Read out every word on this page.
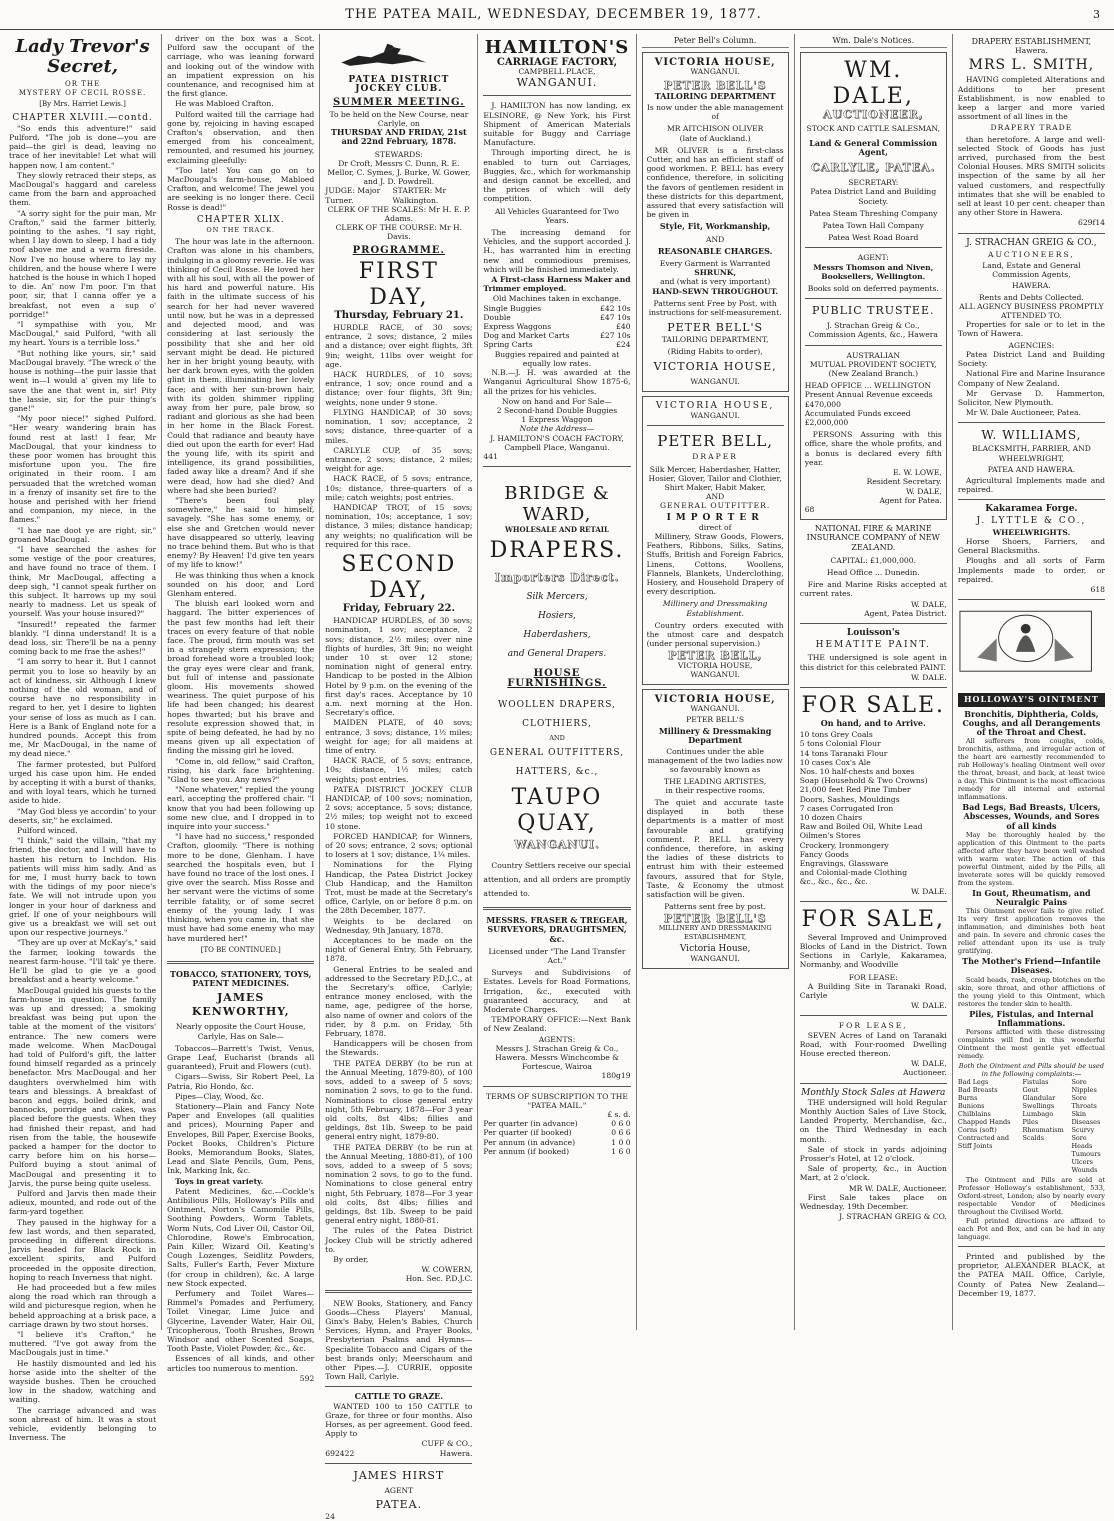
THE PATEA MAIL, WEDNESDAY, DECEMBER 19, 1877.	3
Lady Trevor's Secret,
OR THE
MYSTERY OF CECIL ROSSE.
[By Mrs. Harriet Lewis.]
CHAPTER XLVIII.—contd.

"So ends this adventure!" said Pulford. "The job is done—you are paid—the girl is dead, leaving no trace of her inevitable! Let what will happen now, I am content."

They slowly retraced their steps, as MacDougal's haggard and careless came from the barn and approached them.

"A sorry sight for the puir man, Mr Crafton," said the farmer bitterly, pointing to the ashes. "I say right, when I lay down to sleep, I had a tidy roof above me and a warm fireside. Now I've no house where to lay my children, and the house where I were hatched is the house in which I hoped to die. An' now I'm poor. I'm that poor, sir, that I canna offer ye a breakfast, not even a sup o' porridge!"

"I sympathise with you, Mr MacDougal," said Pulford, "with all my heart. Yours is a terrible loss."

"But nothing like yours, sir," said MacDougal bravely. "The wreck o' the house is nothing—the puir lassie that went in—I would a' given my life to save the ane that went in, sir! Pity the lassie, sir, for the puir thing's gane!"

"My poor niece!" sighed Pulford. "Her weary wandering brain has found rest at last! I fear, Mr MacDougal, that your kindness to these poor women has brought this misfortune upon you. The fire originated in their room. I am persuaded that the wretched woman in a frenzy of insanity set fire to the house and perished with her friend and companion, my niece, in the flames."

"I hae nae doot ye are right, sir," groaned MacDougal.

"I have searched the ashes for some vestige of the poor creatures, and have found no trace of them. I think, Mr MacDougal, affecting a deep sigh, "I cannot speak further on this subject. It harrows up my soul nearly to madness. Let us speak of yourself. Was your house insured?"

"Insured!" repeated the farmer blankly. "I dinna understand! It is a dead loss, sir. There'll be na a penny coming back to me frae the ashes!"

"I am sorry to hear it. But I cannot permit you to lose so heavily by an act of kindness, sir. Although I knew nothing of the old woman, and of course have no responsibility in regard to her, yet I desire to lighten your sense of loss as much as I can. Here is a Bank of England note for a hundred pounds. Accept this from me, Mr MacDougal, in the name of my dead niece."

The farmer protested, but Pulford urged his case upon him. He ended by accepting it with a burst of thanks, and with loyal tears, which he turned aside to hide.

"May God bless ye accordin' to your deserts, sir," he exclaimed.

Pulford winced.

"I think," said the villain, "that my friend, the doctor, and I will have to hasten his return to Inchdon. His patients will miss him sadly. And as for me, I must hurry back to town with the tidings of my poor niece's fate. We will not intrude upon you longer in your hour of darkness and grief. If one of your neighbours will give us a breakfast we will set out upon our respective journeys."

"They are up over at McKay's," said the farmer, looking towards the nearest farm-house. "I'll tak' ye there. He'll be glad to gie ye a good breakfast and a hearty welcome."

MacDougal guided his guests to the farm-house in question. The family was up and dressed; a smoking breakfast was being put upon the table at the moment of the visitors' entrance. The new comers were made welcome. When MacDougal had told of Pulford's gift, the latter found himself regarded as a princely benefactor. Mrs MacDougal and her daughters overwhelmed him with tears and blessings. A breakfast of bacon and eggs, boiled drink, and bannocks, porridge and cakes, was placed before the guests. When they had finished their repast, and had risen from the table, the housewife packed a hamper for the doctor to carry before him on his horse—Pulford buying a stout animal of MacDougal and presenting it to Jarvis, the purse being quite useless.

Pulford and Jarvis then made their adieux, mounted, and rode out of the farm-yard together.

They paused in the highway for a few last words, and then separated, proceeding in different directions. Jarvis headed for Black Rock in excellent spirits, and Pulford proceeded in the opposite direction, hoping to reach Inverness that night.

He had proceeded but a few miles along the road which ran through a wild and picturesque region, when he beheld approaching at a brisk pace, a carriage drawn by two stout horses.

"I believe it's Crafton," he muttered. "I've got away from the MacDougals just in time."

He hastily dismounted and led his horse aside into the shelter of the wayside bushes. Then he crouched low in the shadow, watching and waiting.

The carriage advanced and was soon abreast of him. It was a stout vehicle, evidently belonging to Inverness. The

driver on the box was a Scot. Pulford saw the occupant of the carriage, who was leaning forward and looking out of the window with an impatient expression on his countenance, and recognised him at the first glance.

He was Mabloed Crafton.

Pulford waited till the carriage had gone by, rejoicing in having escaped Crafton's observation, and then emerged from his concealment, remounted, and resumed his journey, exclaiming gleefully:

"Too late! You can go on to MacDougal's farm-house, Mabloed Crafton, and welcome! The jewel you are seeking is no longer there. Cecil Rosse is dead!"

CHAPTER XLIX.
ON THE TRACK.

The hour was late in the afternoon. Crafton was alone in his chambers, indulging in a gloomy reverie. He was thinking of Cecil Rosse. He loved her with all his soul, with all the power of his hard and powerful nature. His faith in the ultimate success of his search for her had never wavered until now, but he was in a depressed and dejected mood, and was considering at last seriously the possibility that she and her old servant might be dead. He pictured her in her bright young beauty, with her dark brown eyes, with the golden glint in them, illuminating her lovely face; and with her sun-brown hair, with its golden shimmer rippling away from her pure, pale brow, so radiant and glorious as she had been in her home in the Black Forest. Could that radiance and beauty have died out upon the earth for ever! Had the young life, with its spirit and intelligence, its grand possibilities, faded away like a dream? And if she were dead, how had she died? And where had she been buried?

"There's been foul play somewhere," he said to himself, savagely. "She has some enemy, or else she and Gretchen would never have disappeared so utterly, leaving no trace behind them. But who is that enemy? By Heaven! I'd give ten years of my life to know!"

He was thinking thus when a knock sounded on his door, and Lord Glenham entered.

The bluish earl looked worn and haggard. The bitter experiences of the past few months had left their traces on every feature of that noble face. The proud, firm mouth was set in a strangely stern expression; the broad forehead wore a troubled look; the gray eyes were clear and frank, but full of intense and passionate gloom. His movements showed weariness. The quiet purpose of his life had been changed; his dearest hopes thwarted; but his brave and resolute expression showed that, in spite of being defeated, he had by no means given up all expectation of finding the missing girl he loved.

"Come in, old fellow," said Crafton, rising, his dark face brightening. "Glad to see you. Any news?"

"None whatever," replied the young earl, accepting the proffered chair. "I know that you had been following up some new clue, and I dropped in to inquire into your success."

"I have had no success," responded Crafton, gloomily. "There is nothing more to be done, Glenham. I have searched the hospitals even, but I have found no trace of the lost ones. I give over the search. Miss Rosse and her servant were the victims of some terrible fatality, or of some secret enemy of the young lady. I was thinking, when you came in, that she must have had some enemy who may have murdered her!"

[TO BE CONTINUED.]
TOBACCO, STATIONERY, TOYS, PATENT MEDICINES.
JAMES KENWORTHY,
Nearly opposite the Court House, Carlyle, Has on Sale—

Tobaccos—Barrett's Twist, Venus, Grape Leaf, Eucharist (brands all guaranteed), Fruit and Flowers (cut).

Cigars—Swiss, Sir Robert Peel, La Patria, Rio Hondo, &c.

Pipes—Clay, Wood, &c.

Stationery—Plain and Fancy Note Paper and Envelopes (all qualities and prices), Mourning Paper and Envelopes, Bill Paper, Exercise Books, Pocket Books, Children's Picture Books, Memorandum Books, Slates, Lead and Slate Pencils, Gum, Pens, Ink, Marking Ink, &c.

Toys in great variety.

Patent Medicines, &c.—Cockle's Antibilious Pills, Holloway's Pills and Ointment, Norton's Camomile Pills, Soothing Powders, Worm Tablets, Worm Nuts, Cod Liver Oil, Castor Oil, Chlorodine, Rowe's Embrocation, Pain Killer, Wizard Oil, Keating's Cough Lozenges, Seidlitz Powders, Salts, Fuller's Earth, Fever Mixture (for croup in children), &c. A large new Stock expected.

Perfumery and Toilet Wares—Rimmel's Pomades and Perfumery, Toilet Vinegar, Lime Juice and Glycerine, Lavender Water, Hair Oil, Tricopherous, Tooth Brushes, Brown Windsor and other Scented Soaps, Tooth Paste, Violet Powder, &c., &c.

Essences of all kinds, and other articles too numerous to mention.

592
PATEA DISTRICT JOCKEY CLUB.
SUMMER MEETING.

To be held on the New Course, near Carlyle, on

THURSDAY AND FRIDAY, 21st and 22nd February, 1878.

STEWARDS:

Dr Croft, Messrs C. Dunn, R. E. Mellor, C. Symes, J. Burke, W. Gower, and J. D. Powdrell.

JUDGE: Major Turner.
STARTER: Mr Walkington.

CLERK OF THE SCALES: Mr H. E. P. Adams.

CLERK OF THE COURSE: Mr H. Davis.

PROGRAMME.
FIRST DAY,
Thursday, February 21.

HURDLE RACE, of 30 sovs; entrance, 2 sovs; distance, 2 miles and a distance; over eight flights, 3ft 9in; weight, 11lbs over weight for age.

HACK HURDLES, of 10 sovs; entrance, 1 sov; once round and a distance; over four flights, 3ft 9in; weights, none under 9 stone.

FLYING HANDICAP, of 30 sovs; nomination, 1 sov; acceptance, 2 sovs; distance, three-quarter of a miles.

CARLYLE CUP, of 35 sovs; entrance, 2 sovs; distance, 2 miles; weight for age.

HACK RACE, of 5 sovs; entrance, 10s; distance, three-quarters of a mile; catch weights; post entries.

HANDICAP TROT, of 15 sovs; nomination, 10s; acceptance, 1 sov; distance, 3 miles; distance handicap; any weights; no qualification will be required for this race.

SECOND DAY,
Friday, February 22.

HANDICAP HURDLES, of 30 sovs; nomination, 1 sov; acceptance, 2 sovs; distance, 2½ miles; over nine flights of hurdles, 3ft 9in; no weight under 10 st over 12 stone; nomination night of general entry. Handicap to be posted in the Albion Hotel by 9 p.m. on the evening of the first day's races. Acceptance by 10 a.m. next morning at the Hon. Secretary's office.

MAIDEN PLATE, of 40 sovs; entrance, 3 sovs; distance, 1½ miles; weight for age; for all maidens at time of entry.

HACK RACE, of 5 sovs; entrance, 10s; distance, 1½ miles; catch weights; post entries.

PATEA DISTRICT JOCKEY CLUB HANDICAP, of 100 sovs; nomination, 2 sovs; acceptance, 5 sovs; distance, 2½ miles; top weight not to exceed 10 stone.

FORCED HANDICAP, for Winners, of 20 sovs; entrance, 2 sovs; optional to losers at 1 sov; distance, 1¼ miles.

Nominations for the Flying Handicap, the Patea District Jockey Club Handicap, and the Hamilton Trot, must be made at the Secretary's office, Carlyle, on or before 8 p.m. on the 28th December, 1877.

Weights to be declared on Wednesday, 9th January, 1878.

Acceptances to be made on the night of General Entry, 5th February, 1878.

General Entries to be sealed and addressed to the Secretary P.D.J.C., at the Secretary's office, Carlyle; entrance money enclosed, with the name, age, pedigree of the horse, also name of owner and colors of the rider, by 8 p.m. on Friday, 5th February, 1878.

Handicappers will be chosen from the Stewards.

THE PATEA DERBY (to be run at the Annual Meeting, 1879-80), of 100 sovs, added to a sweep of 5 sovs; nomination 2 sovs, to go to the fund. Nominations to close general entry night, 5th February, 1878—For 3 year old colts, 8st 4lbs; fillies and geldings, 8st 1lb. Sweep to be paid general entry night, 1879-80.

THE PATEA DERBY (to be run at the Annual Meeting, 1880-81), of 100 sovs, added to a sweep of 5 sovs; nomination 2 sovs, to go to the fund. Nominations to close general entry night, 5th February, 1878—For 3 year old colts, 8st 4lbs; fillies and geldings, 8st 1lb. Sweep to be paid general entry night, 1880-81.

The rules of the Patea District Jockey Club will be strictly adhered to.

By order,

W. COWERN,
Hon. Sec. P.D.J.C.

NEW Books, Stationery, and Fancy Goods—Chess Players' Manual, Ginx's Baby, Helen's Babies, Church Services, Hymn, and Prayer Books, Presbyterian Psalms and Hymns—Specialite Tobacco and Cigars of the best brands only; Meerschaum and other Pipes.—J. CURRIE, opposite Town Hall, Carlyle.

CATTLE TO GRAZE.

WANTED 100 to 150 CATTLE to Graze, for three or four months. Also Horses, as per agreement. Good feed. Apply to

CUFF & CO.,
692422	Hawera.
JAMES HIRST
AGENT
PATEA.
24
HAMILTON'S
CARRIAGE FACTORY,
CAMPBELL PLACE,
WANGANUI.

J. HAMILTON has now landing, ex ELSINORE, @ New York, his First Shipment of American Materials suitable for Buggy and Carriage Manufacture.

Through importing direct, he is enabled to turn out Carriages, Buggies, &c., which for workmanship and design cannot be excelled, and the prices of which will defy competition.

All Vehicles Guaranteed for Two Years.

The increasing demand for Vehicles, and the support accorded J. H., has warranted him in erecting new and commodious premises, which will be finished immediately.

A First-class Harness Maker and Trimmer employed.

Old Machines taken in exchange.

Single Buggies	£42 10s
Double	£47 10s
Express Waggons	£40
Dog and Market Carts	£27 10s
Spring Carts	£24

Buggies repaired and painted at equally low rates.

N.B.—J. H. was awarded at the Wanganui Agricultural Show 1875-6, all the prizes for his vehicles.

Now on hand and For Sale—

2 Second-hand Double Buggies

1 Express Waggon

Note the Address—

J. HAMILTON'S COACH FACTORY,

Campbell Place, Wanganui.

441
BRIDGE & WARD,
WHOLESALE AND RETAIL
DRAPERS.
Importers Direct.
Silk Mercers,
Hosiers,
Haberdashers,
and General Drapers.
HOUSE FURNISHINGS.
WOOLLEN DRAPERS,
CLOTHIERS,
AND
GENERAL OUTFITTERS,
HATTERS, &c.,
TAUPO QUAY,
WANGANUI.

Country Settlers receive our special attention, and all orders are promptly attended to.

MESSRS. FRASER & TREGEAR,
SURVEYORS, DRAUGHTSMEN, &c.

Licensed under "The Land Transfer Act."

Surveys and Subdivisions of Estates. Levels for Road Formations, Irrigation, &c., executed with guaranteed accuracy, and at Moderate Charges.

TEMPORARY OFFICE:—Next Bank of New Zealand.

AGENTS:

Messrs J. Strachan Greig & Co., Hawera. Messrs Winchcombe & Fortescue, Wairoa

180g19
TERMS OF SUBSCRIPTION TO THE "PATEA MAIL."
£ s. d.
Per quarter (in advance)	0 6 0
Per quarter (if booked)	0 6 6
Per annum (in advance)	1 0 0
Per annum (if booked)	1 6 0
Peter Bell's Column.
VICTORIA HOUSE,
WANGANUI.
PETER BELL'S
TAILORING DEPARTMENT

Is now under the able management of

MR AITCHISON OLIVER

(late of Auckland.)

MR OLIVER is a first-class Cutter, and has an efficient staff of good workmen. P. BELL has every confidence, therefore, in soliciting the favors of gentlemen resident in these districts for this department, assured that every satisfaction will be given in

Style, Fit, Workmanship,

AND

REASONABLE CHARGES.

Every Garment is Warranted

SHRUNK,

and (what is very important)

HAND-SEWN THROUGHOUT.

Patterns sent Free by Post, with instructions for self-measurement.

PETER BELL'S

TAILORING DEPARTMENT,

(Riding Habits to order),

VICTORIA HOUSE,

WANGANUI.

VICTORIA HOUSE,
WANGANUI.
PETER BELL,
DRAPER

Silk Mercer, Haberdasher, Hatter, Hosier, Glover, Tailor and Clothier, Shirt Maker, Habit Maker,

AND

GENERAL OUTFITTER.

IMPORTER

direct of

Millinery, Straw Goods, Flowers, Feathers, Ribbons, Silks, Satins, Stuffs, British and Foreign Fabrics, Linens, Cottons, Woollens, Flannels, Blankets, Underclothing, Hosiery, and Household Drapery of every description.

Millinery and Dressmaking Establishment.

Country orders executed with the utmost care and despatch (under personal supervision.)

PETER BELL,

VICTORIA HOUSE,

WANGANUI.

VICTORIA HOUSE,
WANGANUI.
PETER BELL'S
Millinery & Dressmaking Department

Continues under the able management of the two ladies now so favourably known as

THE LEADING ARTISTES,

in their respective rooms.

The quiet and accurate taste displayed in both these departments is a matter of most favourable and gratifying comment. P. BELL has every confidence, therefore, in asking the ladies of these districts to entrust him with their esteemed favours, assured that for Style, Taste, & Economy the utmost satisfaction will be given.

Patterns sent free by post.

PETER BELL'S

MILLINERY AND DRESSMAKING ESTABLISHMENT,

Victoria House,

WANGANUI.

Wm. Dale's Notices.
WM. DALE,
AUCTIONEER,
STOCK AND CATTLE SALESMAN,
Land & General Commission Agent,
CARLYLE, PATEA.
SECRETARY:

Patea District Land and Building Society.

Patea Steam Threshing Company

Patea Town Hall Company

Patea West Road Board

AGENT:

Messrs Thomson and Niven, Booksellers, Wellington.

Books sold on deferred payments.

PUBLIC TRUSTEE.

J. Strachan Greig & Co., Commission Agents, &c., Hawera

AUSTRALIAN
MUTUAL PROVIDENT SOCIETY,
(New Zealand Branch.)

HEAD OFFICE ... WELLINGTON

Present Annual Revenue exceeds £470,000

Accumulated Funds exceed £2,000,000

PERSONS Assuring with this office, share the whole profits, and a bonus is declared every fifth year.

E. W. LOWE,
Resident Secretary.
W. DALE,
Agent for Patea.
68

NATIONAL FIRE & MARINE INSURANCE COMPANY of NEW ZEALAND.

CAPITAL: £1,000,000.

Head Office ... Dunedin.

Fire and Marine Risks accepted at current rates.

W. DALE,
Agent, Patea District.
Louisson's
HEMATITE PAINT.

THE undersigned is sole agent in this district for this celebrated PAINT.

W. DALE.
FOR SALE.
On hand, and to Arrive.
10 tons Grey Coals
5 tons Colonial Flour
14 tons Taranaki Flour
10 cases Cox's Ale
Nos. 10 half-chests and boxes
Soap (Household & Two Crowns)
21,000 feet Red Pine Timber
Doors, Sashes, Mouldings
7 cases Corrugated Iron
10 dozen Chairs
Raw and Boiled Oil, White Lead
Oilmen's Stores
Crockery, Ironmongery
Fancy Goods
Engravings, Glassware
and Colonial-made Clothing
&c., &c., &c., &c.
W. DALE.
FOR SALE,

Several Improved and Unimproved Blocks of Land in the District. Town Sections in Carlyle, Kakaramea, Normanby, and Woodville

FOR LEASE:

A Building Site in Taranaki Road, Carlyle

W. DALE.
FOR LEASE,

SEVEN Acres of Land on Taranaki Road, with Four-roomed Dwelling House erected thereon.

W. DALE,
Auctioneer.
Monthly Stock Sales at Hawera

THE undersigned will hold Regular Monthly Auction Sales of Live Stock, Landed Property, Merchandise, &c., on the Third Wednesday in each month.

Sale of stock in yards adjoining Prosser's Hotel, at 12 o'clock.

Sale of property, &c., in Auction Mart, at 2 o'clock.

MR W. DALE, Auctioneer.

First Sale takes place on Wednesday, 19th December.

J. STRACHAN GREIG & CO.
DRAPERY ESTABLISHMENT,
Hawera.
MRS L. SMITH,

HAVING completed Alterations and Additions to her present Establishment, is now enabled to keep a larger and more varied assortment of all lines in the

DRAPERY TRADE

than heretofore. A large and well-selected Stock of Goods has just arrived, purchased from the best Colonial Houses. MRS SMITH solicits inspection of the same by all her valued customers, and respectfully intimates that she will be enabled to sell at least 10 per cent. cheaper than any other Store in Hawera.

629f14
J. STRACHAN GREIG & CO.,
AUCTIONEERS,

Land, Estate and General Commission Agents,

HAWERA.

Rents and Debts Collected.

ALL AGENCY BUSINESS PROMPTLY ATTENDED TO.

Properties for sale or to let in the Town of Hawera.

AGENCIES:

Patea District Land and Building Society.

National Fire and Marine Insurance Company of New Zealand.

Mr Gervase D. Hammerton, Solicitor, New Plymouth.

Mr W. Dale Auctioneer, Patea.

W. WILLIAMS,

BLACKSMITH, FARRIER, AND WHEELWRIGHT,

PATEA AND HAWERA.

Agricultural Implements made and repaired.

Kakaramea Forge.
J. LYTTLE & CO.,

WHEELWRIGHTS.

Horse Shoers, Farriers, and General Blacksmiths.

Ploughs and all sorts of Farm Implements made to order, or repaired.

618
HOLLOWAY'S OINTMENT
Bronchitis, Diphtheria, Colds, Coughs, and all Derangements of the Throat and Chest.

All sufferers from coughs, colds, bronchitis, asthma, and irregular action of the heart are earnestly recommended to rub Holloway's healing Ointment well over the throat, breast, and back, at least twice a day. This Ointment is the most efficacious remedy for all internal and external inflammations.

Bad Legs, Bad Breasts, Ulcers, Abscesses, Wounds, and Sores of all kinds

May be thoroughly healed by the application of this Ointment to the parts affected after they have been well washed with warm water. The action of this powerful Ointment, aided by the Pills, all inveterate sores will be quickly removed from the system.

In Gout, Rheumatism, and Neuralgic Pains

This Ointment never fails to give relief. Its very first application removes the inflammation, and diminishes both heat and pain. In severe and chronic cases the relief attendant upon its use is truly gratifying.

The Mother's Friend—Infantile Diseases.

Scald heads, rash, croup blotches on the skin, sore throat, and other afflictions of the young yield to this Ointment, which restores the tender skin to health.

Piles, Fistulas, and Internal Inflammations.

Persons afflicted with these distressing complaints will find in this wonderful Ointment the most gentle yet effectual remedy.

Both the Ointment and Pills should be used in the following complaints:—

Bad Legs
Bad Breasts
Burns
Bunions
Chilblains
Chapped Hands
Corns (soft)
Contracted and Stiff Joints
Fistulas
Gout
Glandular Swellings
Lumbago
Piles
Rheumatism
Scalds
Sore Nipples
Sore Throats
Skin Diseases
Scurvy
Sore Heads
Tumours
Ulcers
Wounds

The Ointment and Pills are sold at Professor Holloway's establishment, 533, Oxford-street, London; also by nearly every respectable Vendor of Medicines throughout the Civilised World.

Full printed directions are affixed to each Pot and Box, and can be had in any language.

Printed and published by the proprietor, ALEXANDER BLACK, at the PATEA MAIL Office, Carlyle, County of Patea New Zealand—December 19, 1877.
